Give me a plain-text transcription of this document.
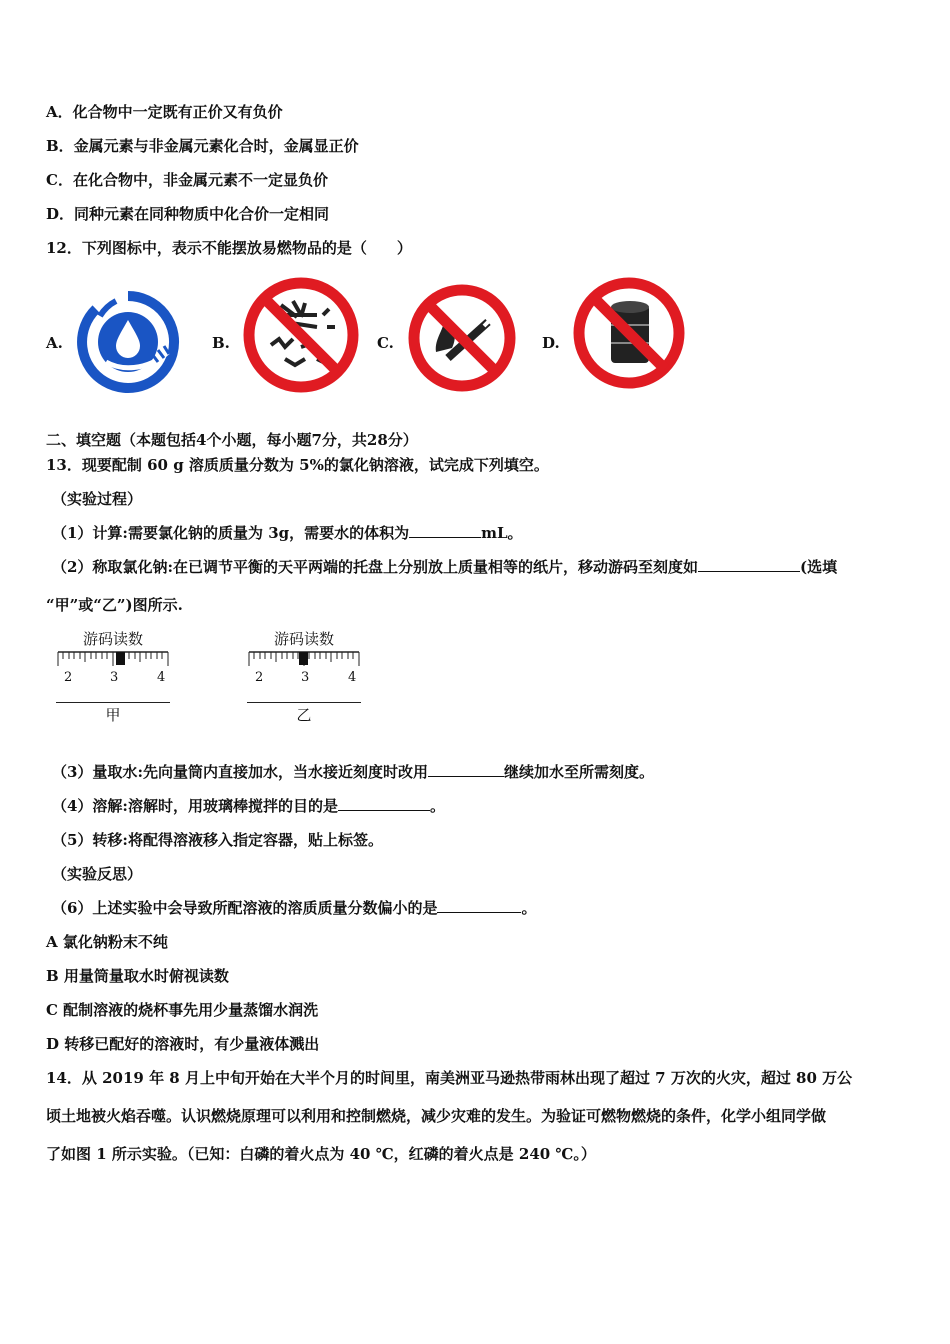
A．化合物中一定既有正价又有负价
B．金属元素与非金属元素化合时，金属显正价
C．在化合物中，非金属元素不一定显负价
D．同种元素在同种物质中化合价一定相同
12．下列图标中，表示不能摆放易燃物品的是（　　）
A.	B.	C.	D.
二、填空题（本题包括4个小题，每小题7分，共28分）
13．现要配制 60 g 溶质质量分数为 5%的氯化钠溶液，试完成下列填空。
（实验过程）
（1）计算:需要氯化钠的质量为 3g，需要水的体积为	mL。
（2）称取氯化钠:在已调节平衡的天平两端的托盘上分别放上质量相等的纸片，移动游码至刻度如	(选填
“甲”或“乙”)图所示.
游码读数
2	3	4
甲
游码读数
2	3	4
乙
（3）量取水:先向量筒内直接加水，当水接近刻度时改用	继续加水至所需刻度。
（4）溶解:溶解时，用玻璃棒搅拌的目的是	。
（5）转移:将配得溶液移入指定容器，贴上标签。
（实验反思）
（6）上述实验中会导致所配溶液的溶质质量分数偏小的是	。
A 氯化钠粉末不纯
B 用量筒量取水时俯视读数
C 配制溶液的烧杯事先用少量蒸馏水润洗
D 转移已配好的溶液时，有少量液体溅出
14．从 2019 年 8 月上中旬开始在大半个月的时间里，南美洲亚马逊热带雨林出现了超过 7 万次的火灾，超过 80 万公
顷土地被火焰吞噬。认识燃烧原理可以利用和控制燃烧，减少灾难的发生。为验证可燃物燃烧的条件，化学小组同学做
了如图 1 所示实验。（已知：白磷的着火点为 40 ℃，红磷的着火点是 240 ℃。）
